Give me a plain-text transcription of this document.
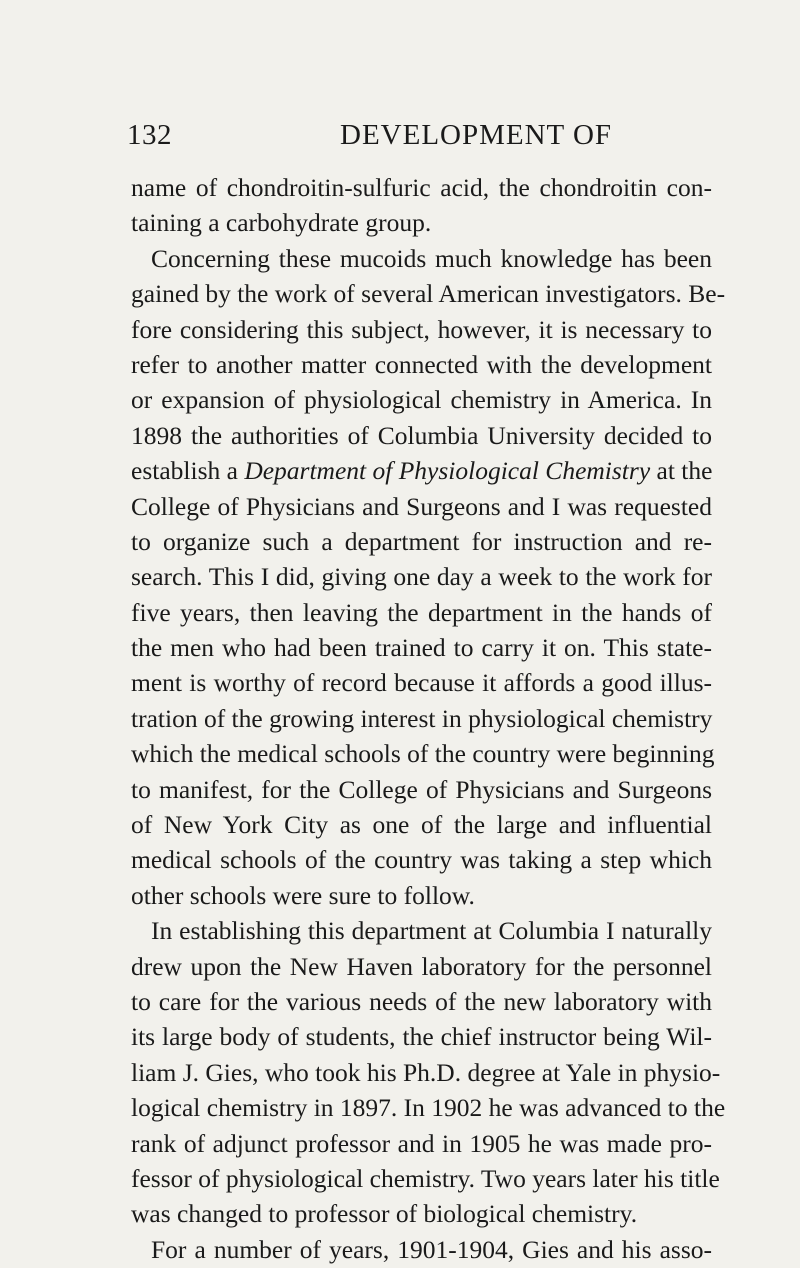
132	DEVELOPMENT OF
name of chondroitin-sulfuric acid, the chondroitin con-
taining a carbohydrate group.
Concerning these mucoids much knowledge has been
gained by the work of several American investigators. Be-
fore considering this subject, however, it is necessary to
refer to another matter connected with the development
or expansion of physiological chemistry in America. In
1898 the authorities of Columbia University decided to
establish a Department of Physiological Chemistry at the
College of Physicians and Surgeons and I was requested
to organize such a department for instruction and re-
search. This I did, giving one day a week to the work for
five years, then leaving the department in the hands of
the men who had been trained to carry it on. This state-
ment is worthy of record because it affords a good illus-
tration of the growing interest in physiological chemistry
which the medical schools of the country were beginning
to manifest, for the College of Physicians and Surgeons
of New York City as one of the large and influential
medical schools of the country was taking a step which
other schools were sure to follow.
In establishing this department at Columbia I naturally
drew upon the New Haven laboratory for the personnel
to care for the various needs of the new laboratory with
its large body of students, the chief instructor being Wil-
liam J. Gies, who took his Ph.D. degree at Yale in physio-
logical chemistry in 1897. In 1902 he was advanced to the
rank of adjunct professor and in 1905 he was made pro-
fessor of physiological chemistry. Two years later his title
was changed to professor of biological chemistry.
For a number of years, 1901-1904, Gies and his asso-
